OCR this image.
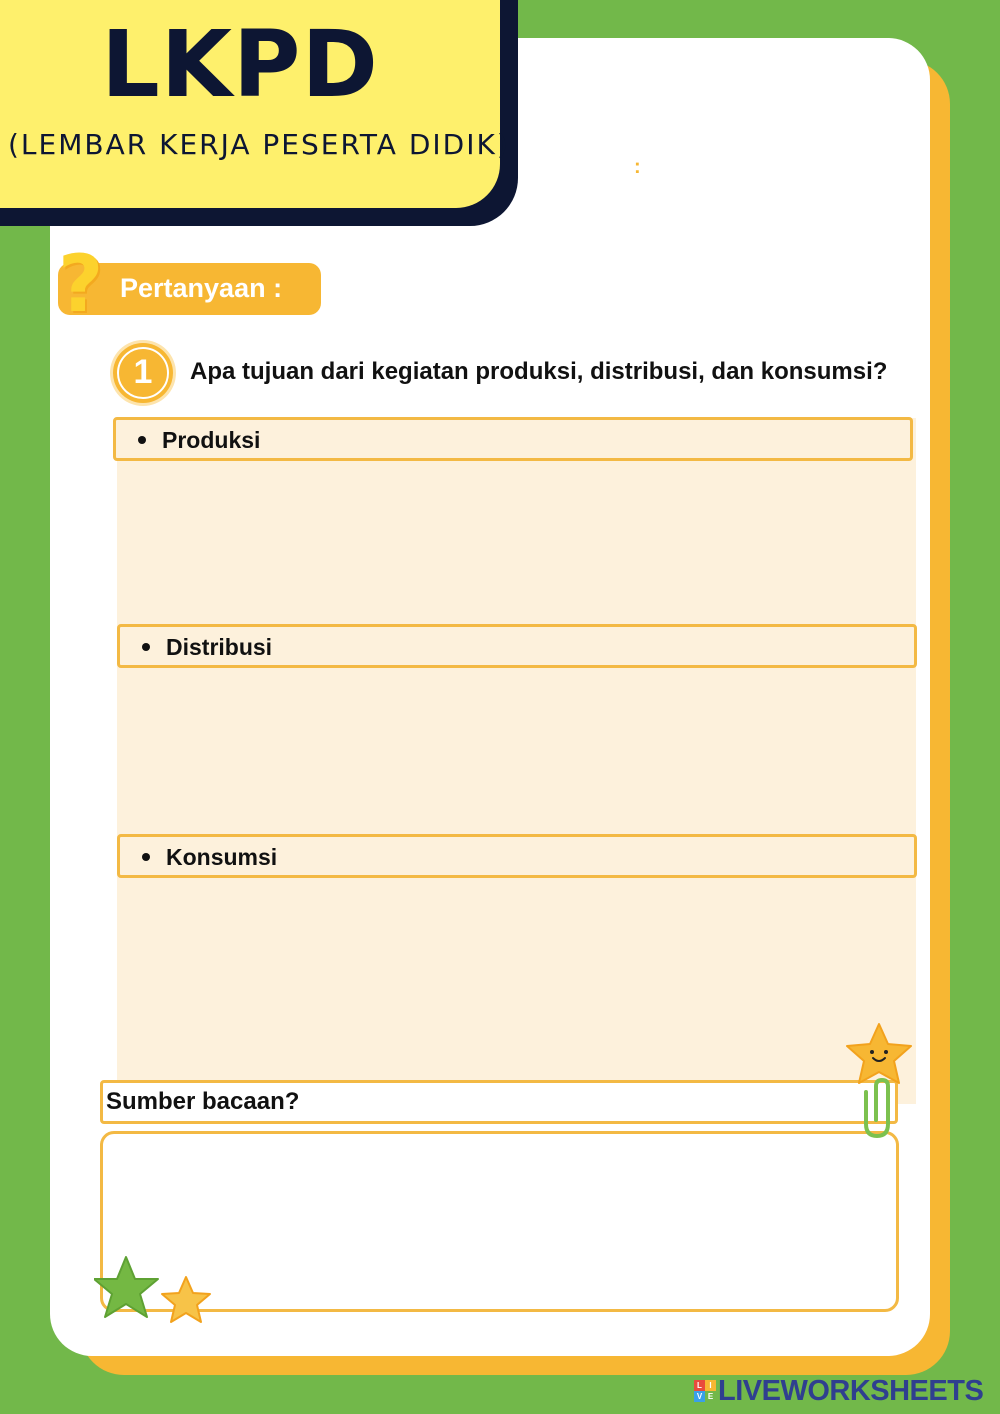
LKPD
(LEMBAR KERJA PESERTA DIDIK)
:
? Pertanyaan :
1	Apa tujuan dari kegiatan produksi, distribusi, dan konsumsi?
Produksi
Distribusi
Konsumsi
Sumber bacaan?
L I
V E LIVEWORKSHEETS
